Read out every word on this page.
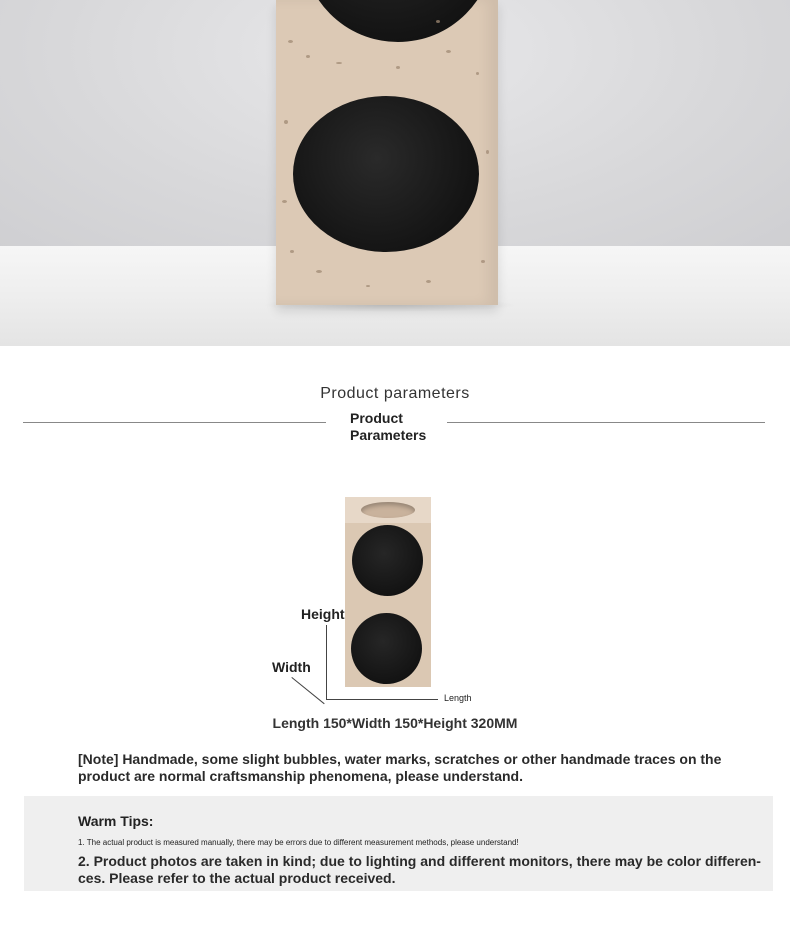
Product parameters
Product Parameters
Height
Width
Length
Length 150*Width 150*Height 320MM
[Note] Handmade, some slight bubbles, water marks, scratches or other handmade traces on the product are normal craftsmanship phenomena, please understand.
Warm Tips:
1. The actual product is measured manually, there may be errors due to different measurement methods, please understand!
2. Product photos are taken in kind; due to lighting and different monitors, there may be color differen-ces. Please refer to the actual product received.
